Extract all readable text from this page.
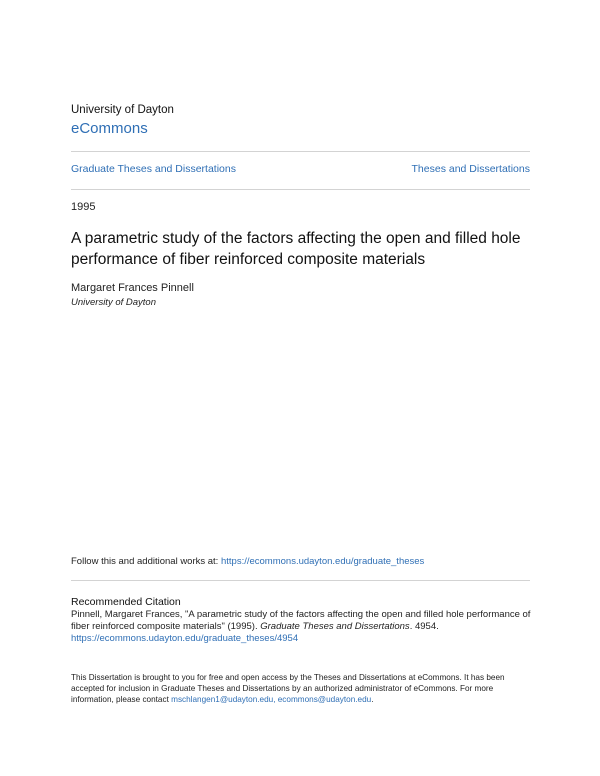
University of Dayton
eCommons
Graduate Theses and Dissertations	Theses and Dissertations
1995
A parametric study of the factors affecting the open and filled hole performance of fiber reinforced composite materials
Margaret Frances Pinnell
University of Dayton
Follow this and additional works at: https://ecommons.udayton.edu/graduate_theses
Recommended Citation
Pinnell, Margaret Frances, "A parametric study of the factors affecting the open and filled hole performance of fiber reinforced composite materials" (1995). Graduate Theses and Dissertations. 4954.
https://ecommons.udayton.edu/graduate_theses/4954
This Dissertation is brought to you for free and open access by the Theses and Dissertations at eCommons. It has been accepted for inclusion in Graduate Theses and Dissertations by an authorized administrator of eCommons. For more information, please contact mschlangen1@udayton.edu, ecommons@udayton.edu.
